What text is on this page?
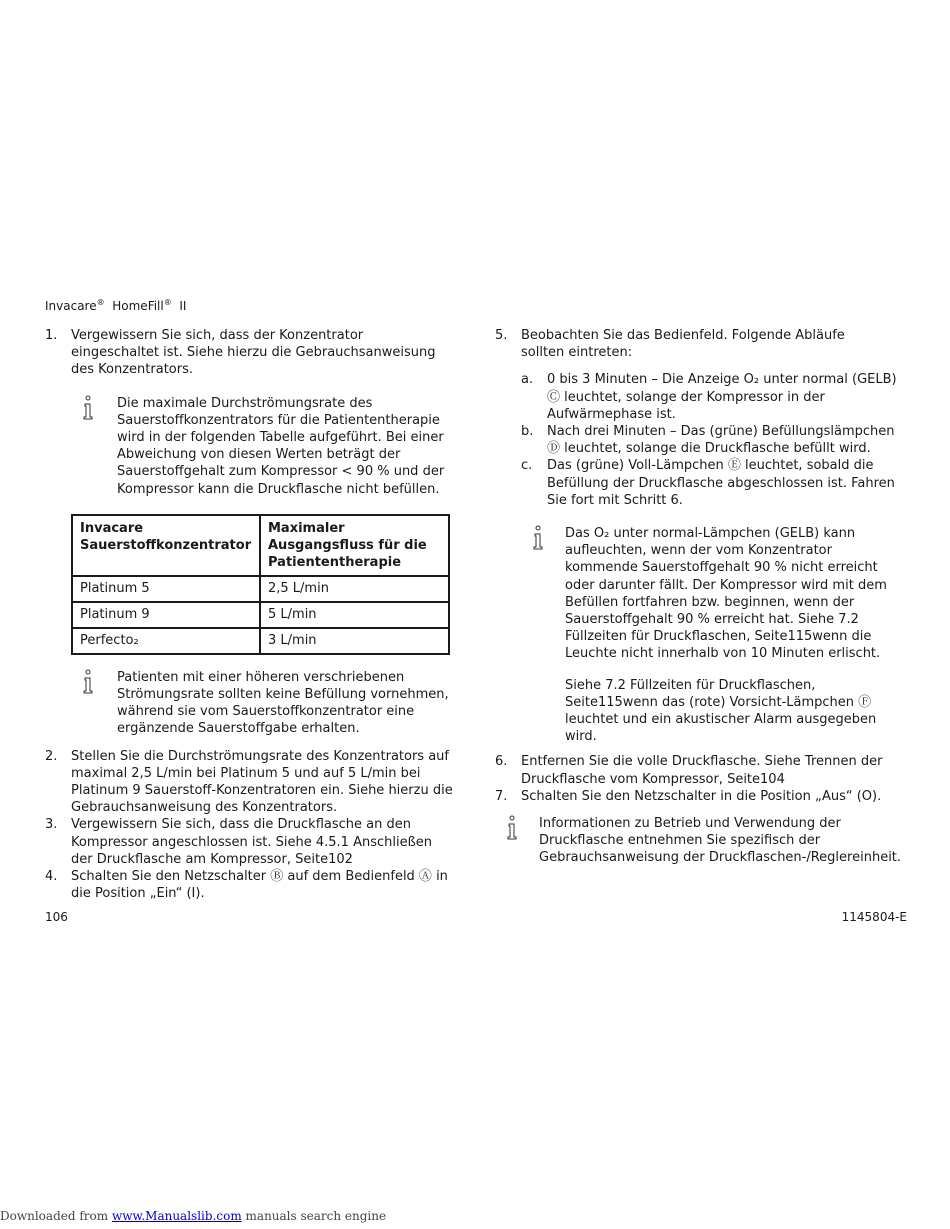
Invacare® HomeFill® II
1. Vergewissern Sie sich, dass der Konzentrator eingeschaltet ist. Siehe hierzu die Gebrauchsanweisung des Konzentrators.
Die maximale Durchströmungsrate des Sauerstoffkonzentrators für die Patiententherapie wird in der folgenden Tabelle aufgeführt. Bei einer Abweichung von diesen Werten beträgt der Sauerstoffgehalt zum Kompressor < 90 % und der Kompressor kann die Druckflasche nicht befüllen.
Invacare Sauerstoffkonzentrator	Maximaler Ausgangsfluss für die Patiententherapie
Platinum 5	2,5 L/min
Platinum 9	5 L/min
Perfecto₂	3 L/min
Patienten mit einer höheren verschriebenen Strömungsrate sollten keine Befüllung vornehmen, während sie vom Sauerstoffkonzentrator eine ergänzende Sauerstoffgabe erhalten.
2. Stellen Sie die Durchströmungsrate des Konzentrators auf maximal 2,5 L/min bei Platinum 5 und auf 5 L/min bei Platinum 9 Sauerstoff-Konzentratoren ein. Siehe hierzu die Gebrauchsanweisung des Konzentrators.
3. Vergewissern Sie sich, dass die Druckflasche an den Kompressor angeschlossen ist. Siehe 4.5.1 Anschließen der Druckflasche am Kompressor, Seite102
4. Schalten Sie den Netzschalter Ⓑ auf dem Bedienfeld Ⓐ in die Position „Ein“ (I).
5. Beobachten Sie das Bedienfeld. Folgende Abläufe sollten eintreten:
a. 0 bis 3 Minuten – Die Anzeige O₂ unter normal (GELB) Ⓒ leuchtet, solange der Kompressor in der Aufwärmephase ist.
b. Nach drei Minuten – Das (grüne) Befüllungslämpchen Ⓓ leuchtet, solange die Druckflasche befüllt wird.
c. Das (grüne) Voll-Lämpchen Ⓔ leuchtet, sobald die Befüllung der Druckflasche abgeschlossen ist. Fahren Sie fort mit Schritt 6.
Das O₂ unter normal-Lämpchen (GELB) kann aufleuchten, wenn der vom Konzentrator kommende Sauerstoffgehalt 90 % nicht erreicht oder darunter fällt. Der Kompressor wird mit dem Befüllen fortfahren bzw. beginnen, wenn der Sauerstoffgehalt 90 % erreicht hat. Siehe 7.2 Füllzeiten für Druckflaschen, Seite115wenn die Leuchte nicht innerhalb von 10 Minuten erlischt.
Siehe 7.2 Füllzeiten für Druckflaschen, Seite115wenn das (rote) Vorsicht-Lämpchen Ⓕ leuchtet und ein akustischer Alarm ausgegeben wird.
6. Entfernen Sie die volle Druckflasche. Siehe Trennen der Druckflasche vom Kompressor, Seite104
7. Schalten Sie den Netzschalter in die Position „Aus“ (O).
Informationen zu Betrieb und Verwendung der Druckflasche entnehmen Sie spezifisch der Gebrauchsanweisung der Druckflaschen-/Reglereinheit.
106	1145804-E
Downloaded from www.Manualslib.com manuals search engine
